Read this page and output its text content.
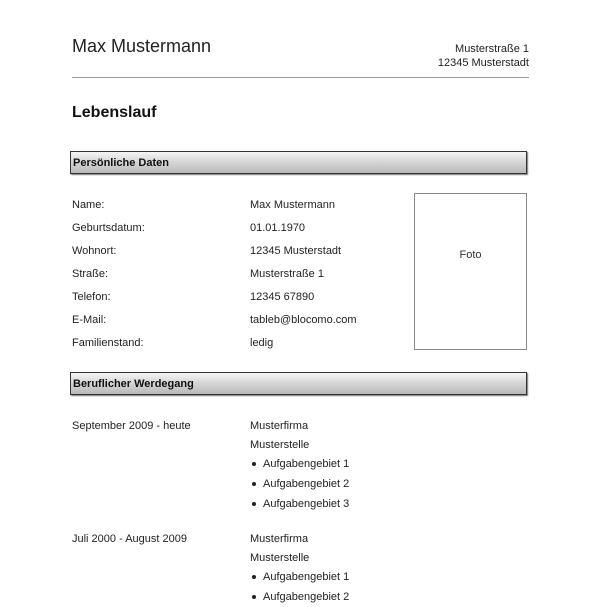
Max Mustermann	Musterstraße 1
12345 Musterstadt
Lebenslauf
Persönliche Daten
Name:	Max Mustermann
Geburtsdatum:	01.01.1970
Wohnort:	12345 Musterstadt
Straße:	Musterstraße 1
Telefon:	12345 67890
E-Mail:	tableb@blocomo.com
Familienstand:	ledig
Foto
Beruflicher Werdegang
September 2009 - heute	Musterfirma
Musterstelle
Aufgabengebiet 1
Aufgabengebiet 2
Aufgabengebiet 3
Juli 2000 - August 2009	Musterfirma
Musterstelle
Aufgabengebiet 1
Aufgabengebiet 2
